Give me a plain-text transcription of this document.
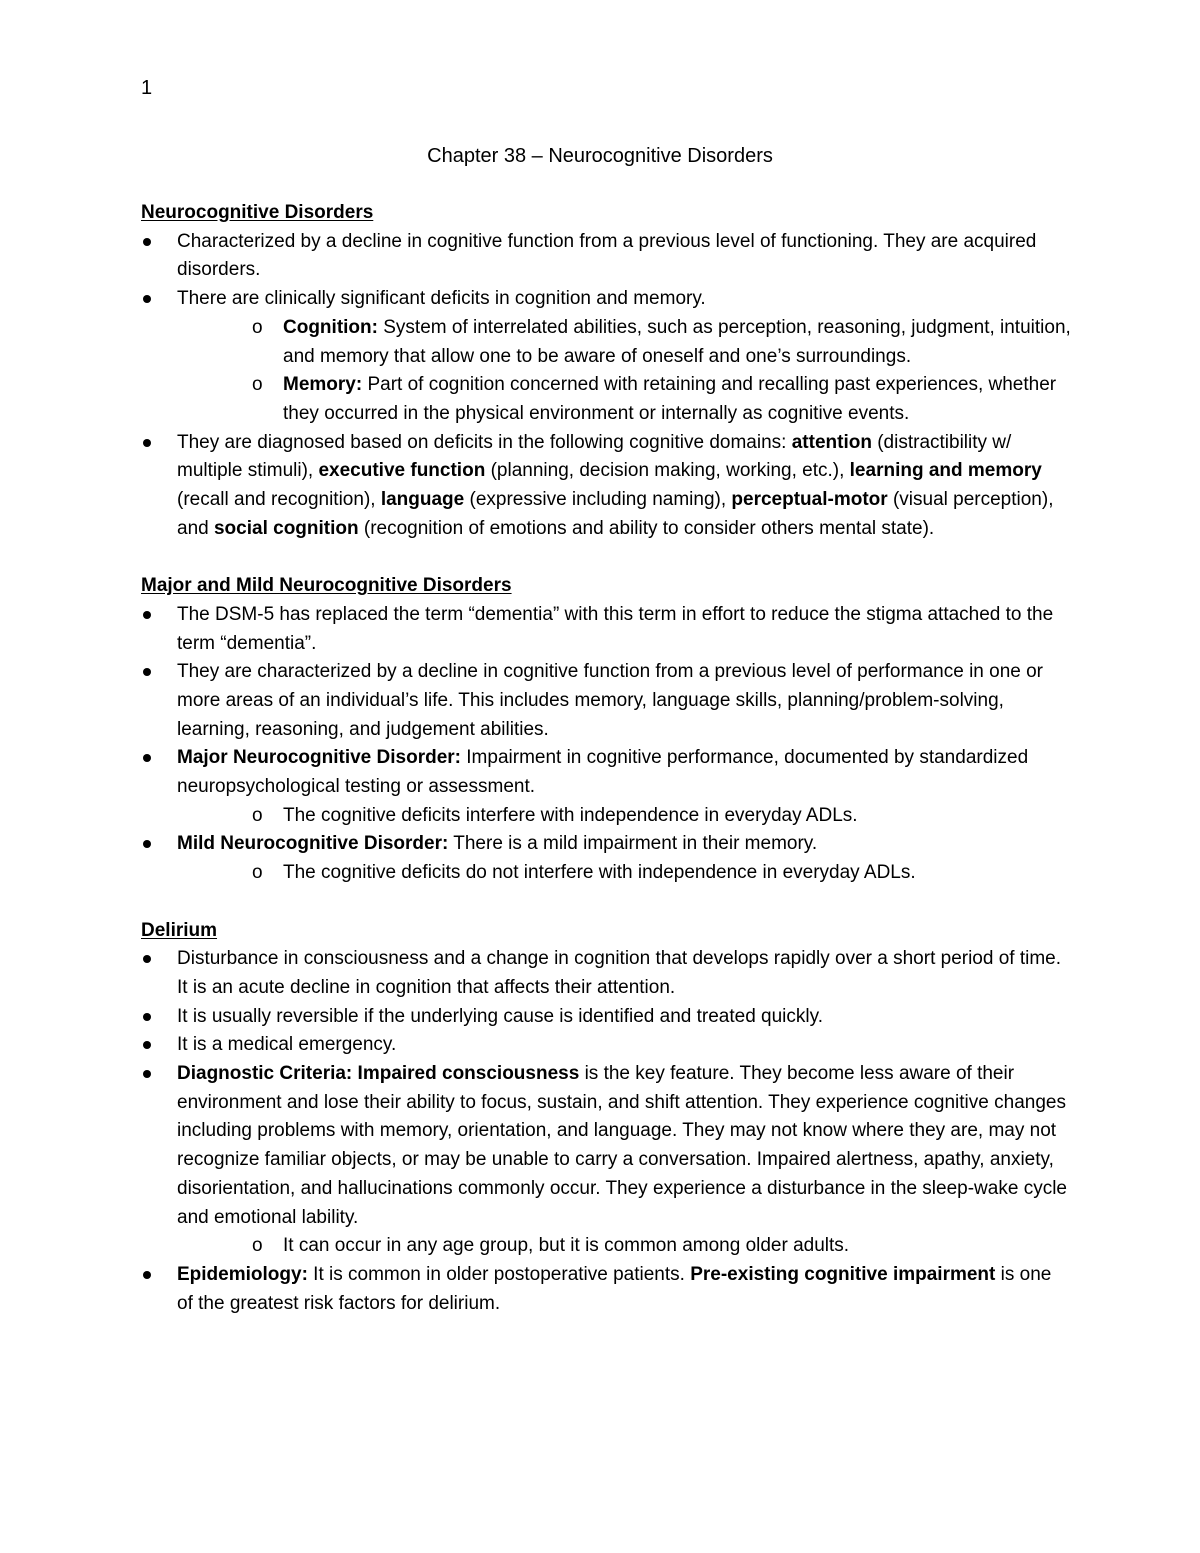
1
Chapter 38 – Neurocognitive Disorders
Neurocognitive Disorders
Characterized by a decline in cognitive function from a previous level of functioning. They are acquired disorders.
There are clinically significant deficits in cognition and memory.
o Cognition: System of interrelated abilities, such as perception, reasoning, judgment, intuition, and memory that allow one to be aware of oneself and one’s surroundings.
o Memory: Part of cognition concerned with retaining and recalling past experiences, whether they occurred in the physical environment or internally as cognitive events.
They are diagnosed based on deficits in the following cognitive domains: attention (distractibility w/ multiple stimuli), executive function (planning, decision making, working, etc.), learning and memory (recall and recognition), language (expressive including naming), perceptual-motor (visual perception), and social cognition (recognition of emotions and ability to consider others mental state).
Major and Mild Neurocognitive Disorders
The DSM-5 has replaced the term “dementia” with this term in effort to reduce the stigma attached to the term “dementia”.
They are characterized by a decline in cognitive function from a previous level of performance in one or more areas of an individual’s life. This includes memory, language skills, planning/problem-solving, learning, reasoning, and judgement abilities.
Major Neurocognitive Disorder: Impairment in cognitive performance, documented by standardized neuropsychological testing or assessment.
o The cognitive deficits interfere with independence in everyday ADLs.
Mild Neurocognitive Disorder: There is a mild impairment in their memory.
o The cognitive deficits do not interfere with independence in everyday ADLs.
Delirium
Disturbance in consciousness and a change in cognition that develops rapidly over a short period of time. It is an acute decline in cognition that affects their attention.
It is usually reversible if the underlying cause is identified and treated quickly.
It is a medical emergency.
Diagnostic Criteria: Impaired consciousness is the key feature. They become less aware of their environment and lose their ability to focus, sustain, and shift attention. They experience cognitive changes including problems with memory, orientation, and language. They may not know where they are, may not recognize familiar objects, or may be unable to carry a conversation. Impaired alertness, apathy, anxiety, disorientation, and hallucinations commonly occur. They experience a disturbance in the sleep-wake cycle and emotional lability.
o It can occur in any age group, but it is common among older adults.
Epidemiology: It is common in older postoperative patients. Pre-existing cognitive impairment is one of the greatest risk factors for delirium.
